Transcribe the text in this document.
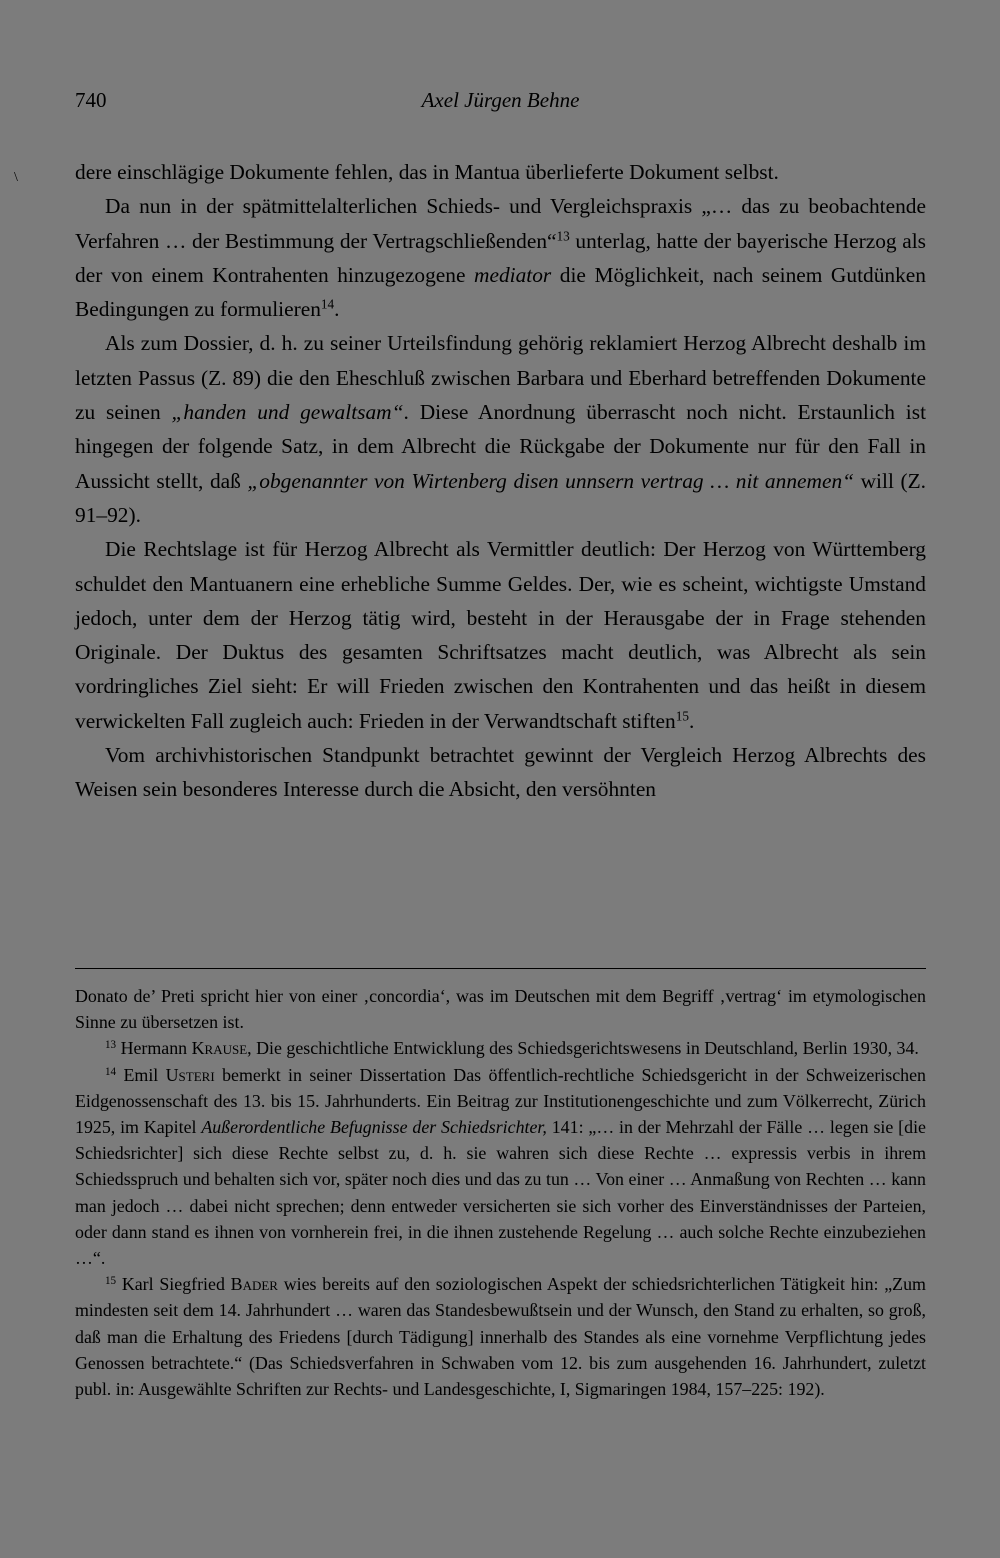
740	Axel Jürgen Behne
\	dere einschlägige Dokumente fehlen, das in Mantua überlieferte Dokument selbst.

Da nun in der spätmittelalterlichen Schieds- und Vergleichspraxis „… das zu beobachtende Verfahren … der Bestimmung der Vertragschließenden“$^{13}$ unterlag, hatte der bayerische Herzog als der von einem Kontrahenten hinzugezogene mediator die Möglichkeit, nach seinem Gutdünken Bedingungen zu formulieren$^{14}$.

Als zum Dossier, d. h. zu seiner Urteilsfindung gehörig reklamiert Herzog Albrecht deshalb im letzten Passus (Z. 89) die den Eheschluß zwischen Barbara und Eberhard betreffenden Dokumente zu seinen „handen und gewaltsam“. Diese Anordnung überrascht noch nicht. Erstaunlich ist hingegen der folgende Satz, in dem Albrecht die Rückgabe der Dokumente nur für den Fall in Aussicht stellt, daß „obgenannter von Wirtenberg disen unnsern vertrag … nit annemen“ will (Z. 91–92).

Die Rechtslage ist für Herzog Albrecht als Vermittler deutlich: Der Herzog von Württemberg schuldet den Mantuanern eine erhebliche Summe Geldes. Der, wie es scheint, wichtigste Umstand jedoch, unter dem der Herzog tätig wird, besteht in der Herausgabe der in Frage stehenden Originale. Der Duktus des gesamten Schriftsatzes macht deutlich, was Albrecht als sein vordringliches Ziel sieht: Er will Frieden zwischen den Kontrahenten und das heißt in diesem verwickelten Fall zugleich auch: Frieden in der Verwandtschaft stiften$^{15}$.

Vom archivhistorischen Standpunkt betrachtet gewinnt der Vergleich Herzog Albrechts des Weisen sein besonderes Interesse durch die Absicht, den versöhnten

Donato de’ Preti spricht hier von einer ‚concordia‘, was im Deutschen mit dem Begriff ‚vertrag‘ im etymologischen Sinne zu übersetzen ist.

$^{13}$ Hermann Krause, Die geschichtliche Entwicklung des Schiedsgerichtswesens in Deutschland, Berlin 1930, 34.

$^{14}$ Emil Usteri bemerkt in seiner Dissertation Das öffentlich-rechtliche Schiedsgericht in der Schweizerischen Eidgenossenschaft des 13. bis 15. Jahrhunderts. Ein Beitrag zur Institutionengeschichte und zum Völkerrecht, Zürich 1925, im Kapitel Außerordentliche Befugnisse der Schiedsrichter, 141: „… in der Mehrzahl der Fälle … legen sie [die Schiedsrichter] sich diese Rechte selbst zu, d. h. sie wahren sich diese Rechte … expressis verbis in ihrem Schiedsspruch und behalten sich vor, später noch dies und das zu tun … Von einer … Anmaßung von Rechten … kann man jedoch … dabei nicht sprechen; denn entweder versicherten sie sich vorher des Einverständnisses der Parteien, oder dann stand es ihnen von vornherein frei, in die ihnen zustehende Regelung … auch solche Rechte einzubeziehen …“.

$^{15}$ Karl Siegfried Bader wies bereits auf den soziologischen Aspekt der schiedsrichterlichen Tätigkeit hin: „Zum mindesten seit dem 14. Jahrhundert … waren das Standesbewußtsein und der Wunsch, den Stand zu erhalten, so groß, daß man die Erhaltung des Friedens [durch Tädigung] innerhalb des Standes als eine vornehme Verpflichtung jedes Genossen betrachtete.“ (Das Schiedsverfahren in Schwaben vom 12. bis zum ausgehenden 16. Jahrhundert, zuletzt publ. in: Ausgewählte Schriften zur Rechts- und Landesgeschichte, I, Sigmaringen 1984, 157–225: 192).
